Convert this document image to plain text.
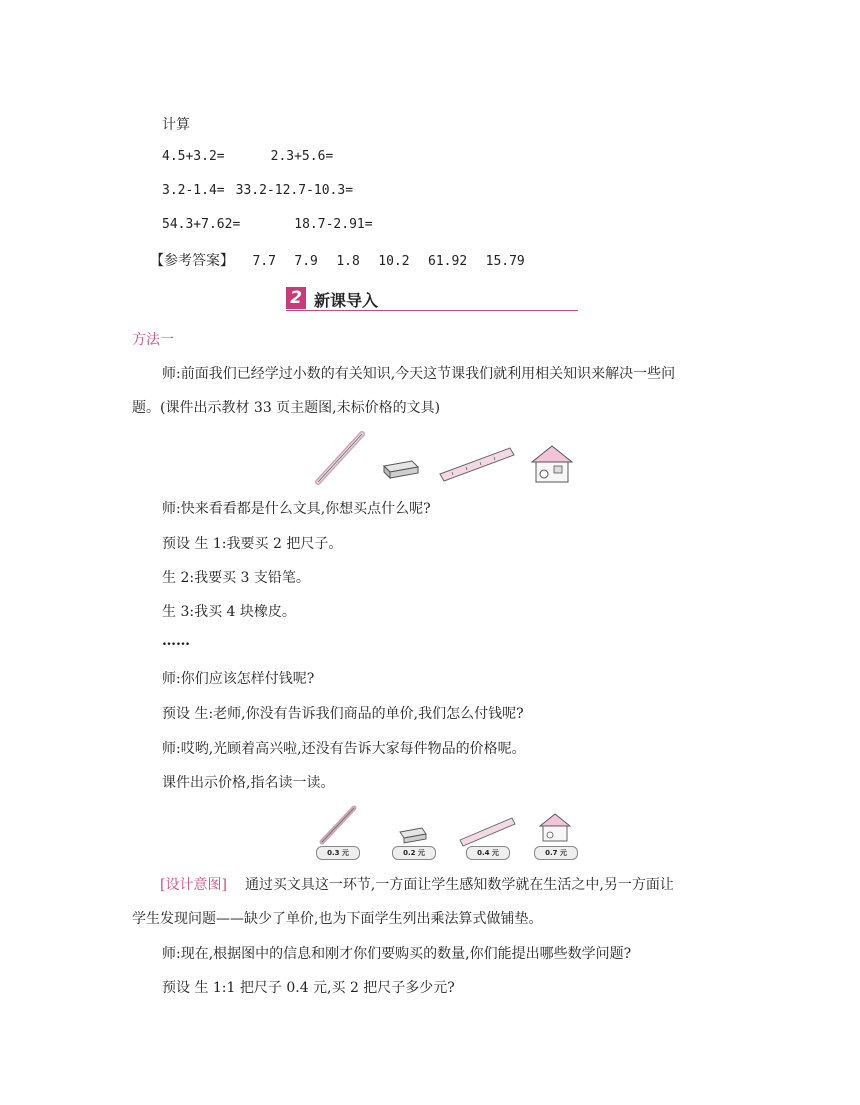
计算
4.5+3.2=	2.3+5.6=
3.2-1.4= 33.2-12.7-10.3=
54.3+7.62=	18.7-2.91=
【参考答案】 7.7 7.9 1.8 10.2 61.92 15.79
2 新课导入
方法一
师:前面我们已经学过小数的有关知识,今天这节课我们就利用相关知识来解决一些问
题。(课件出示教材 33 页主题图,未标价格的文具)
师:快来看看都是什么文具,你想买点什么呢?
预设 生 1:我要买 2 把尺子。
生 2:我要买 3 支铅笔。
生 3:我买 4 块橡皮。
……
师:你们应该怎样付钱呢?
预设 生:老师,你没有告诉我们商品的单价,我们怎么付钱呢?
师:哎哟,光顾着高兴啦,还没有告诉大家每件物品的价格呢。
课件出示价格,指名读一读。
0.3 元	0.2 元	0.4 元	0.7 元
[设计意图] 通过买文具这一环节,一方面让学生感知数学就在生活之中,另一方面让
学生发现问题——缺少了单价,也为下面学生列出乘法算式做铺垫。
师:现在,根据图中的信息和刚才你们要购买的数量,你们能提出哪些数学问题?
预设 生 1:1 把尺子 0.4 元,买 2 把尺子多少元?
